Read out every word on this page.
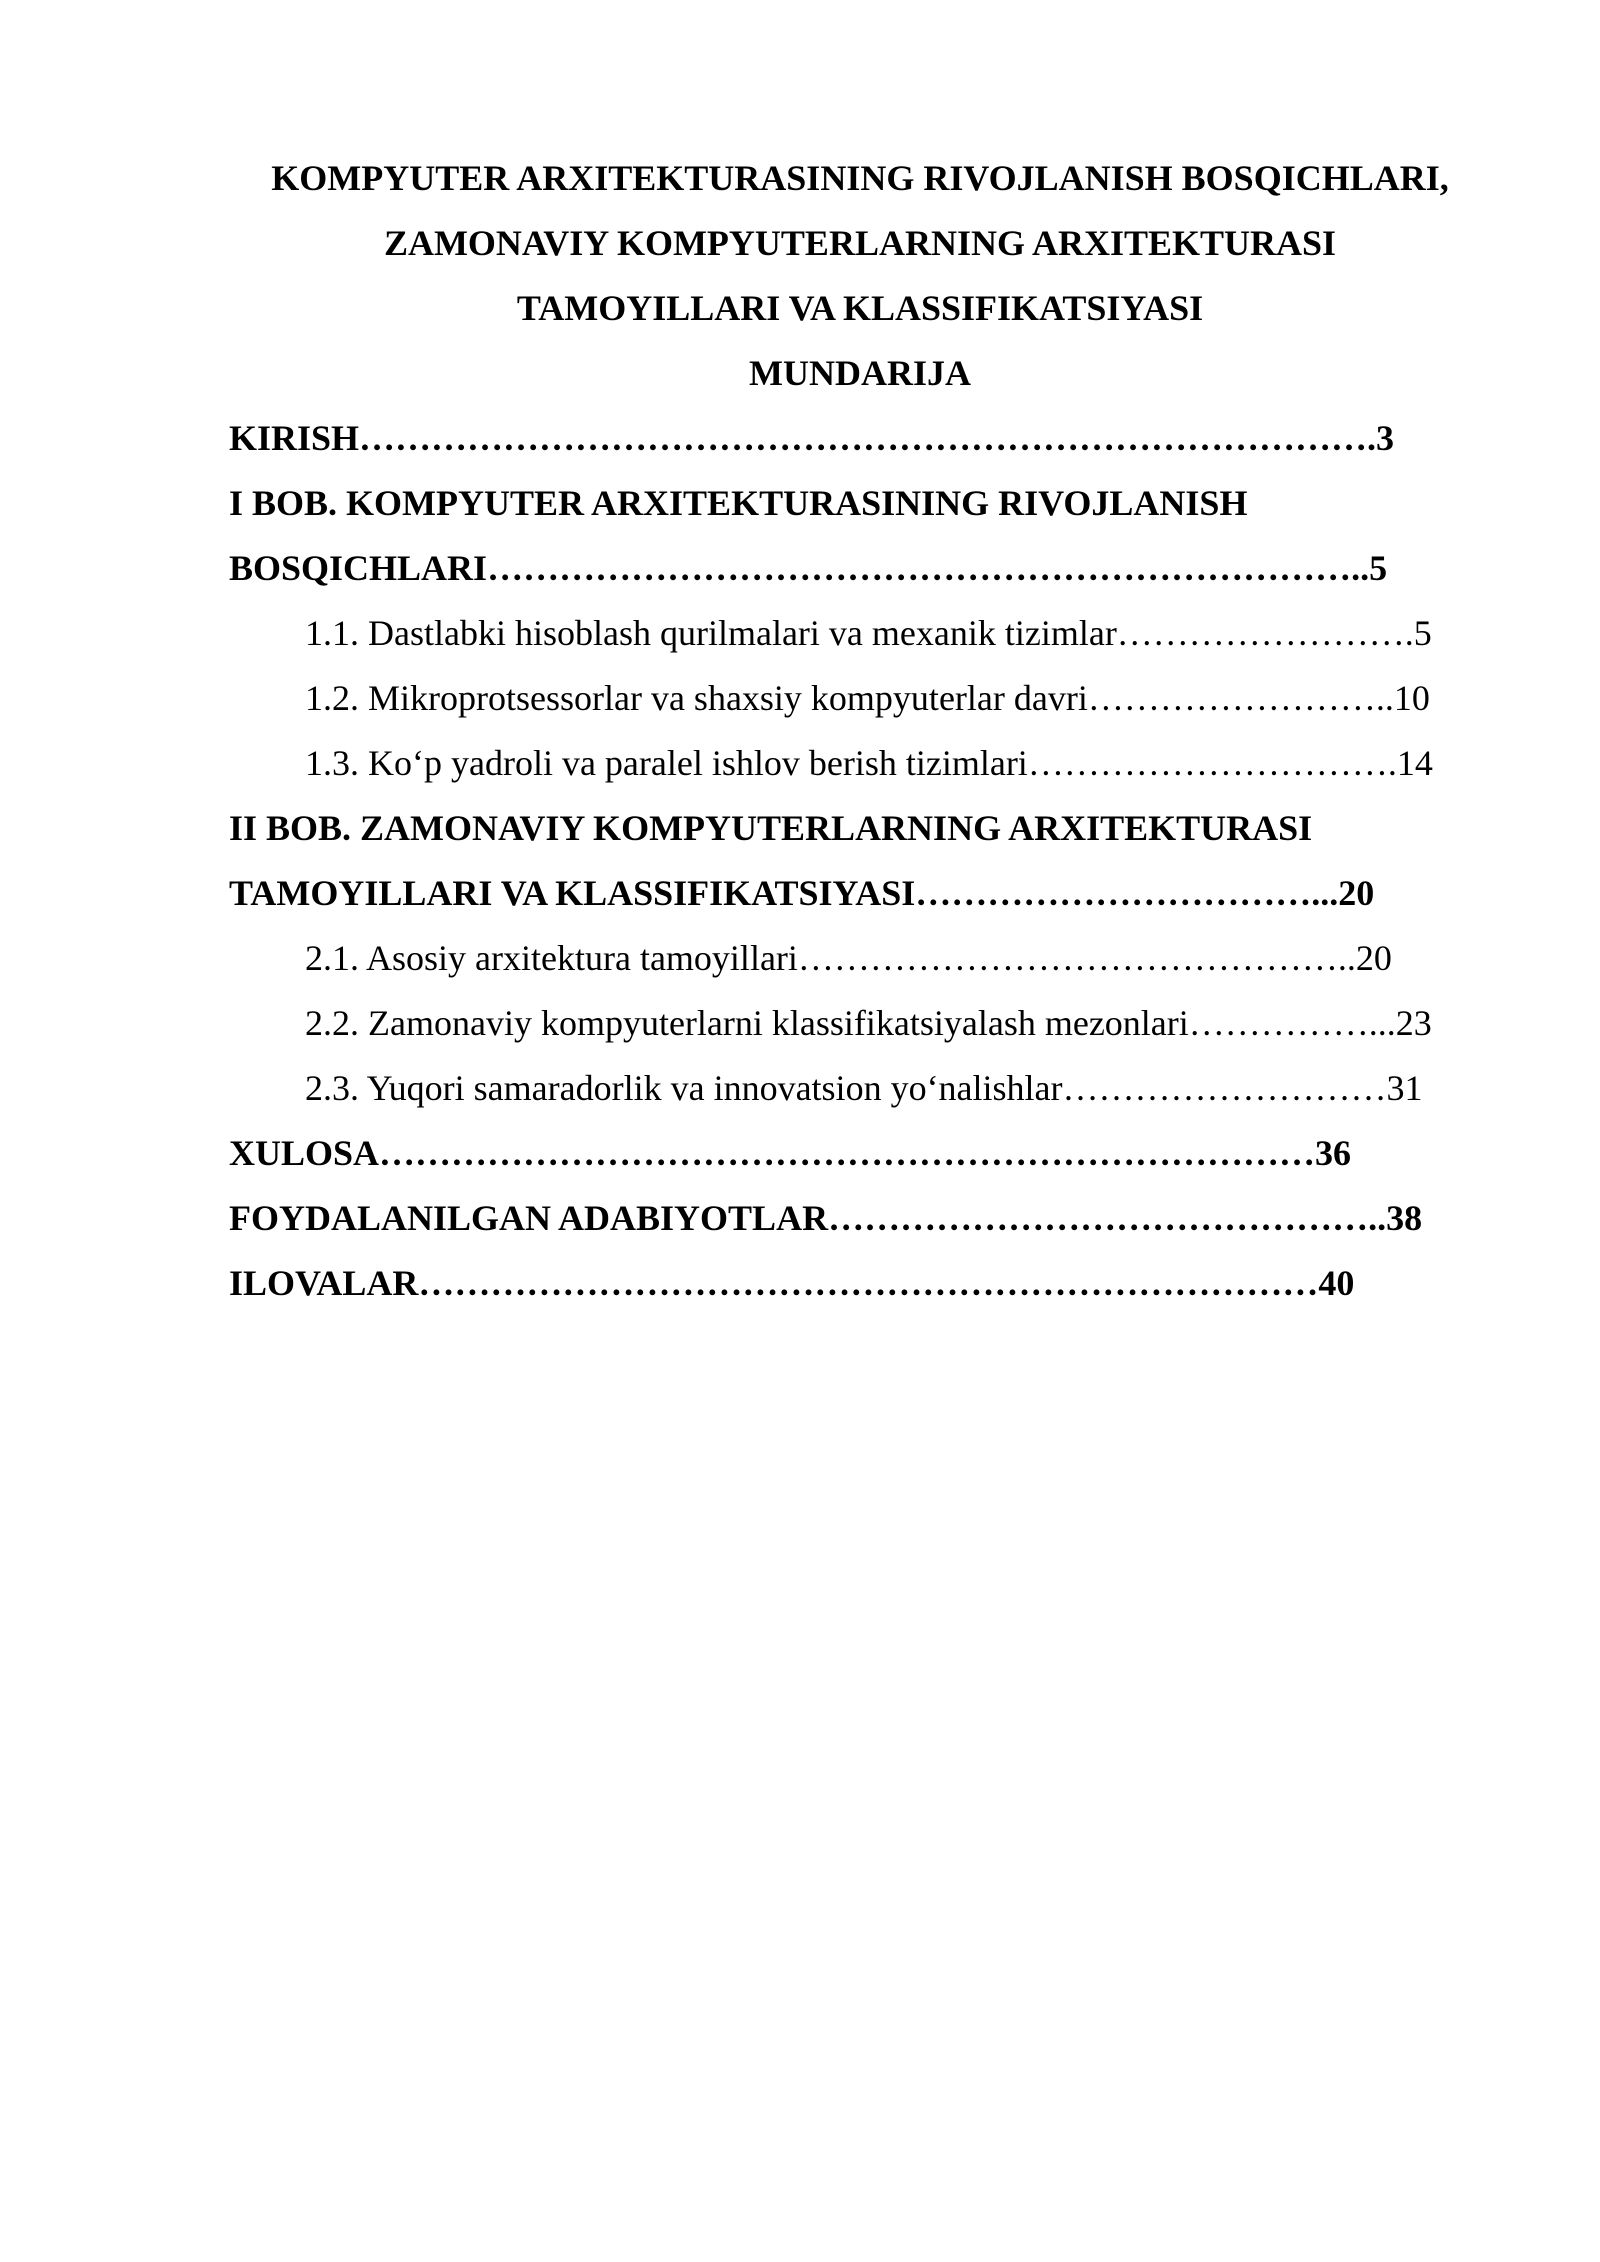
KOMPYUTER ARXITEKTURASINING RIVOJLANISH BOSQICHLARI,
ZAMONAVIY KOMPYUTERLARNING ARXITEKTURASI
TAMOYILLARI VA KLASSIFIKATSIYASI
MUNDARIJA
KIRISH………………………………………………………………………….3
I BOB. KOMPYUTER ARXITEKTURASINING RIVOJLANISH
BOSQICHLARI………………………………………………………………..5
1.1. Dastlabki hisoblash qurilmalari va mexanik tizimlar…………………….5
1.2. Mikroprotsessorlar va shaxsiy kompyuterlar davri……………………..10
1.3. Koʻp yadroli va paralel ishlov berish tizimlari………………………….14
II BOB. ZAMONAVIY KOMPYUTERLARNING ARXITEKTURASI
TAMOYILLARI VA KLASSIFIKATSIYASI……………………………...20
2.1. Asosiy arxitektura tamoyillari………………………………………..20
2.2. Zamonaviy kompyuterlarni klassifikatsiyalash mezonlari……………...23
2.3. Yuqori samaradorlik va innovatsion yoʻnalishlar………………………31
XULOSA……………………………………………………………………36
FOYDALANILGAN ADABIYOTLAR………………………………………..38
ILOVALAR…………………………………………………………………40
